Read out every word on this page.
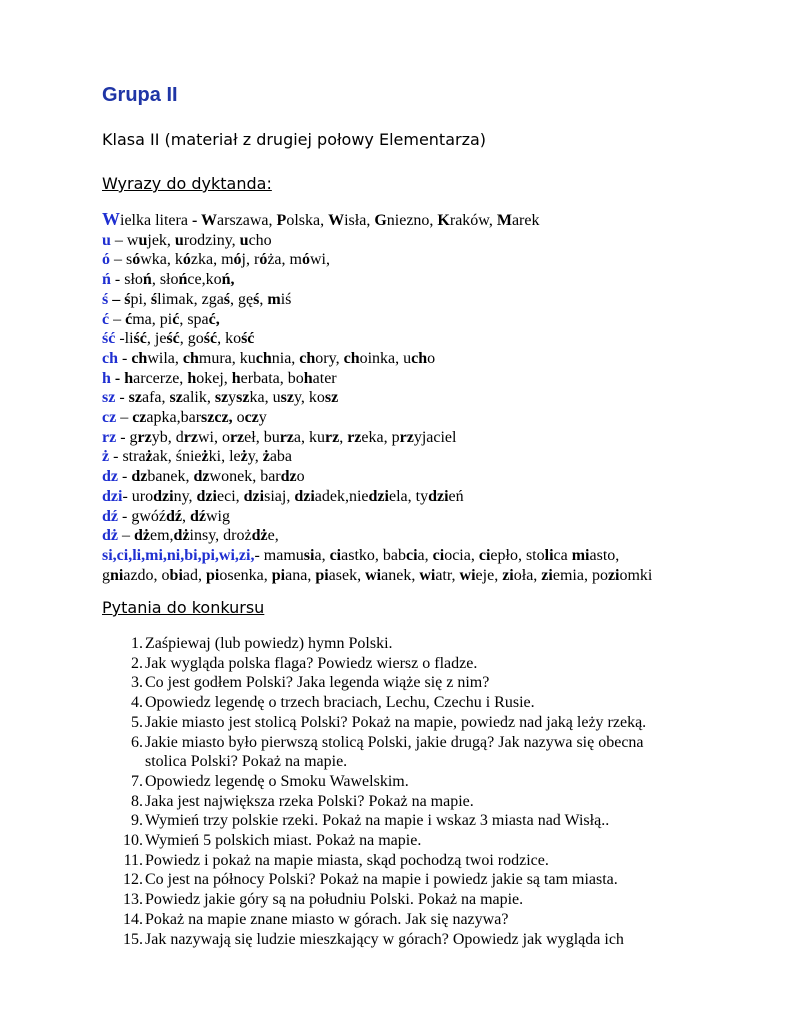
Grupa II
Klasa II (materiał z drugiej połowy Elementarza)
Wyrazy do dyktanda:
Wielka litera - Warszawa, Polska, Wisła, Gniezno, Kraków, Marek
u – wujek, urodziny, ucho
ó – sówka, kózka, mój, róża, mówi,
ń - słoń, słońce,koń,
ś – śpi, ślimak, zgaś, gęś, miś
ć – ćma, pić, spać,
ść -liść, jeść, gość, kość
ch - chwila, chmura, kuchnia, chory, choinka, ucho
h - harcerze, hokej, herbata, bohater
sz - szafa, szalik, szyszka, uszy, kosz
cz – czapka,barszcz, oczy
rz - grzyb, drzwi, orzeł, burza, kurz, rzeka, przyjaciel
ż - strażak, śnieżki, leży, żaba
dz - dzbanek, dzwonek, bardzo
dzi- urodziny, dzieci, dzisiaj, dziadek,niedziela, tydzień
dź - gwóźdź, dźwig
dż – dżem,dżinsy, drożdże,
si,ci,li,mi,ni,bi,pi,wi,zi,- mamusia, ciastko, babcia, ciocia, ciepło, stolica miasto,
gniazdo, obiad, piosenka, piana, piasek, wianek, wiatr, wieje, zioła, ziemia, poziomki
Pytania do konkursu
1. Zaśpiewaj (lub powiedz) hymn Polski.
2. Jak wygląda polska flaga? Powiedz wiersz o fladze.
3. Co jest godłem Polski? Jaka legenda wiąże się z nim?
4. Opowiedz legendę o trzech braciach, Lechu, Czechu i Rusie.
5. Jakie miasto jest stolicą Polski? Pokaż na mapie, powiedz nad jaką leży rzeką.
6. Jakie miasto było pierwszą stolicą Polski, jakie drugą? Jak nazywa się obecna
stolica Polski? Pokaż na mapie.
7. Opowiedz legendę o Smoku Wawelskim.
8. Jaka jest największa rzeka Polski? Pokaż na mapie.
9. Wymień trzy polskie rzeki. Pokaż na mapie i wskaz 3 miasta nad Wisłą..
10. Wymień 5 polskich miast. Pokaż na mapie.
11. Powiedz i pokaż na mapie miasta, skąd pochodzą twoi rodzice.
12. Co jest na północy Polski? Pokaż na mapie i powiedz jakie są tam miasta.
13. Powiedz jakie góry są na południu Polski. Pokaż na mapie.
14. Pokaż na mapie znane miasto w górach. Jak się nazywa?
15. Jak nazywają się ludzie mieszkający w górach? Opowiedz jak wygląda ich
